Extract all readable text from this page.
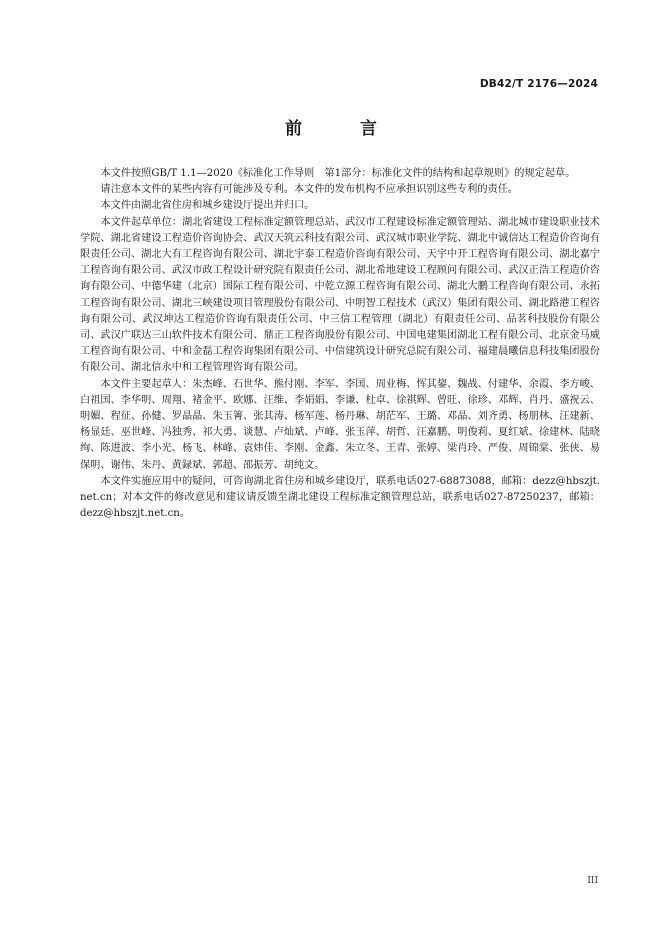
DB42/T 2176—2024
前 言

本文件按照GB/T 1.1—2020《标准化工作导则　第1部分：标准化文件的结构和起草规则》的规定起草。

请注意本文件的某些内容有可能涉及专利。本文件的发布机构不应承担识别这些专利的责任。

本文件由湖北省住房和城乡建设厅提出并归口。

本文件起草单位：湖北省建设工程标准定额管理总站、武汉市工程建设标准定额管理站、湖北城市建设职业技术学院、湖北省建设工程造价咨询协会、武汉天筑云科技有限公司、武汉城市职业学院、湖北中诚信达工程造价咨询有限责任公司、湖北大有工程咨询有限公司、湖北宇泰工程造价咨询有限公司、天宇中开工程咨询有限公司、湖北嘉宁工程咨询有限公司、武汉市政工程设计研究院有限责任公司、湖北希地建设工程顾问有限公司、武汉正浩工程造价咨询有限公司、中德华建（北京）国际工程有限公司、中乾立源工程咨询有限公司、湖北大鹏工程咨询有限公司、永拓工程咨询有限公司、湖北三峡建设项目管理股份有限公司、中明智工程技术（武汉）集团有限公司、湖北路港工程咨询有限公司、武汉坤达工程造价咨询有限责任公司、中三信工程管理（湖北）有限责任公司、品茗科技股份有限公司、武汉广联达三山软件技术有限公司、鼎正工程咨询股份有限公司、中国电建集团湖北工程有限公司、北京金马威工程咨询有限公司、中和金磊工程咨询集团有限公司、中信建筑设计研究总院有限公司、福建晨曦信息科技集团股份有限公司、湖北信永中和工程管理咨询有限公司。

本文件主要起草人：朱杰峰、石世华、熊付刚、李军、李国、周业梅、恽其鋆、魏战、付建华、余霞、李方峻、白祖国、李华明、周翔、褚金平、欧娜、汪维、李娟娟、李谦、杜卓、徐祺辉、曾旺、徐珍、邓辉、肖丹、盛祝云、明媚、程征、孙健、罗晶晶、朱玉箐、张其涛、杨军莲、杨丹琳、胡茫军、王璐、邓晶、刘齐勇、杨朋林、汪建新、杨显廷、巫世峰、冯独秀、祁大勇、谈慧、卢灿斌、卢峰、张玉萍、胡哲、汪嘉鹏、明俊莉、夏红斌、徐建林、陆晓绚、陈进波、李小光、杨飞、林峰、袁炜佳、李刚、金鑫、朱立冬、王青、张婷、梁肖玲、严俊、周锦棠、张侠、易保明、谢伟、朱丹、黄録斌、郭超、邵振芳、胡纯文。

本文件实施应用中的疑问，可咨询湖北省住房和城乡建设厅，联系电话027-68873088，邮箱：dezz@hbszjt.net.cn；对本文件的修改意见和建议请反馈至湖北建设工程标准定额管理总站，联系电话027-87250237，邮箱：dezz@hbszjt.net.cn。

III
